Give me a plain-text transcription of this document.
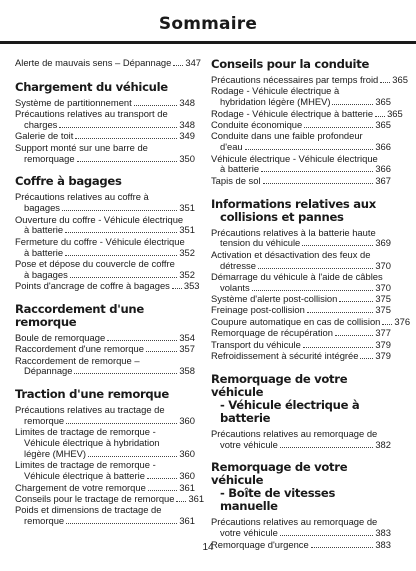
Sommaire
Alerte de mauvais sens – Dépannage 347
Chargement du véhicule
Système de partitionnement	348
Précautions relatives au transport de
charges	348
Galerie de toit	349
Support monté sur une barre de
remorquage	350
Coffre à bagages
Précautions relatives au coffre à
bagages	351
Ouverture du coffre - Véhicule électrique
à batterie	351
Fermeture du coffre - Véhicule électrique
à batterie	352
Pose et dépose du couvercle de coffre
à bagages	352
Points d'ancrage de coffre à bagages 353
Raccordement d'une remorque
Boule de remorquage	354
Raccordement d'une remorque	357
Raccordement de remorque –
Dépannage	358
Traction d'une remorque
Précautions relatives au tractage de
remorque	360
Limites de tractage de remorque -
Véhicule électrique à hybridation
légère (MHEV)	360
Limites de tractage de remorque -
Véhicule électrique à batterie	360
Chargement de votre remorque	361
Conseils pour le tractage de remorque 361
Poids et dimensions de tractage de
remorque	361
Conseils pour la conduite
Précautions nécessaires par temps froid 365
Rodage - Véhicule électrique à
hybridation légère (MHEV)	365
Rodage - Véhicule électrique à batterie 365
Conduite économique	365
Conduite dans une faible profondeur
d'eau	366
Véhicule électrique - Véhicule électrique
à batterie	366
Tapis de sol	367
Informations relatives aux
collisions et pannes
Précautions relatives à la batterie haute
tension du véhicule	369
Activation et désactivation des feux de
détresse	370
Démarrage du véhicule à l'aide de câbles
volants	370
Système d'alerte post-collision	375
Freinage post-collision	375
Coupure automatique en cas de collision 376
Remorquage de récupération	377
Transport du véhicule	379
Refroidissement à sécurité intégrée 379
Remorquage de votre véhicule
- Véhicule électrique à
batterie
Précautions relatives au remorquage de
votre véhicule	382
Remorquage de votre véhicule
- Boîte de vitesses manuelle
Précautions relatives au remorquage de
votre véhicule	383
Remorquage d'urgence	383
14
